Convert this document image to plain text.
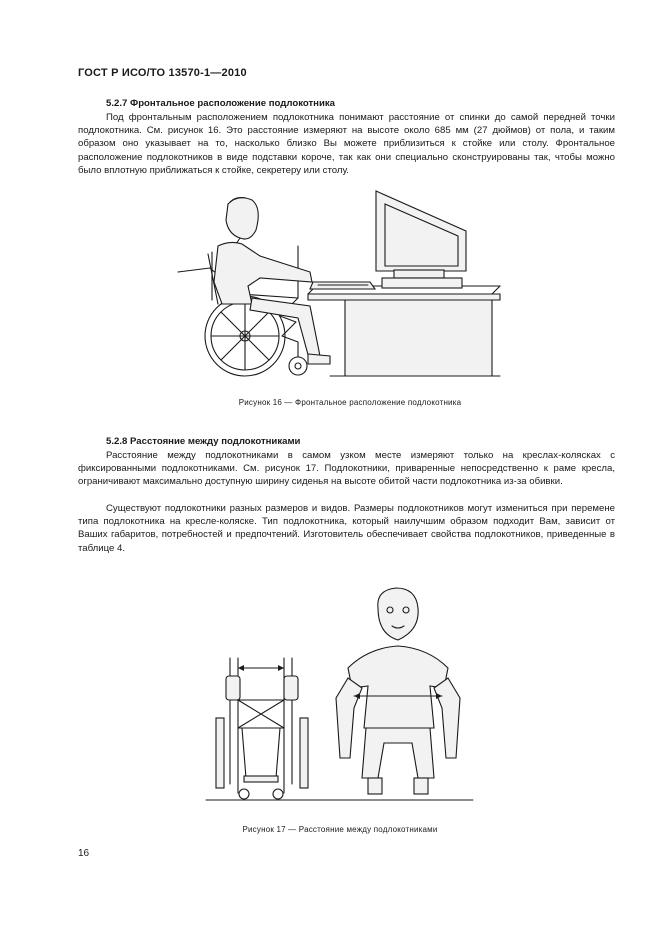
ГОСТ Р ИСО/ТО 13570-1—2010
5.2.7 Фронтальное расположение подлокотника
Под фронтальным расположением подлокотника понимают расстояние от спинки до самой передней точки подлокотника. См. рисунок 16. Это расстояние измеряют на высоте около 685 мм (27 дюймов) от пола, и таким образом оно указывает на то, насколько близко Вы можете приблизиться к стойке или столу. Фронтальное расположение подлокотников в виде подставки короче, так как они специально сконструированы так, чтобы можно было вплотную приближаться к стойке, секретеру или столу.
Рисунок 16 — Фронтальное расположение подлокотника
5.2.8 Расстояние между подлокотниками
Расстояние между подлокотниками в самом узком месте измеряют только на креслах-колясках с фиксированными подлокотниками. См. рисунок 17. Подлокотники, приваренные непосредственно к раме кресла, ограничивают максимально доступную ширину сиденья на высоте обитой части подлокотника из-за обивки.
Существуют подлокотники разных размеров и видов. Размеры подлокотников могут измениться при перемене типа подлокотника на кресле-коляске. Тип подлокотника, который наилучшим образом подходит Вам, зависит от Ваших габаритов, потребностей и предпочтений. Изготовитель обеспечивает свойства подлокотников, приведенные в таблице 4.
Рисунок 17 — Расстояние между подлокотниками
16
